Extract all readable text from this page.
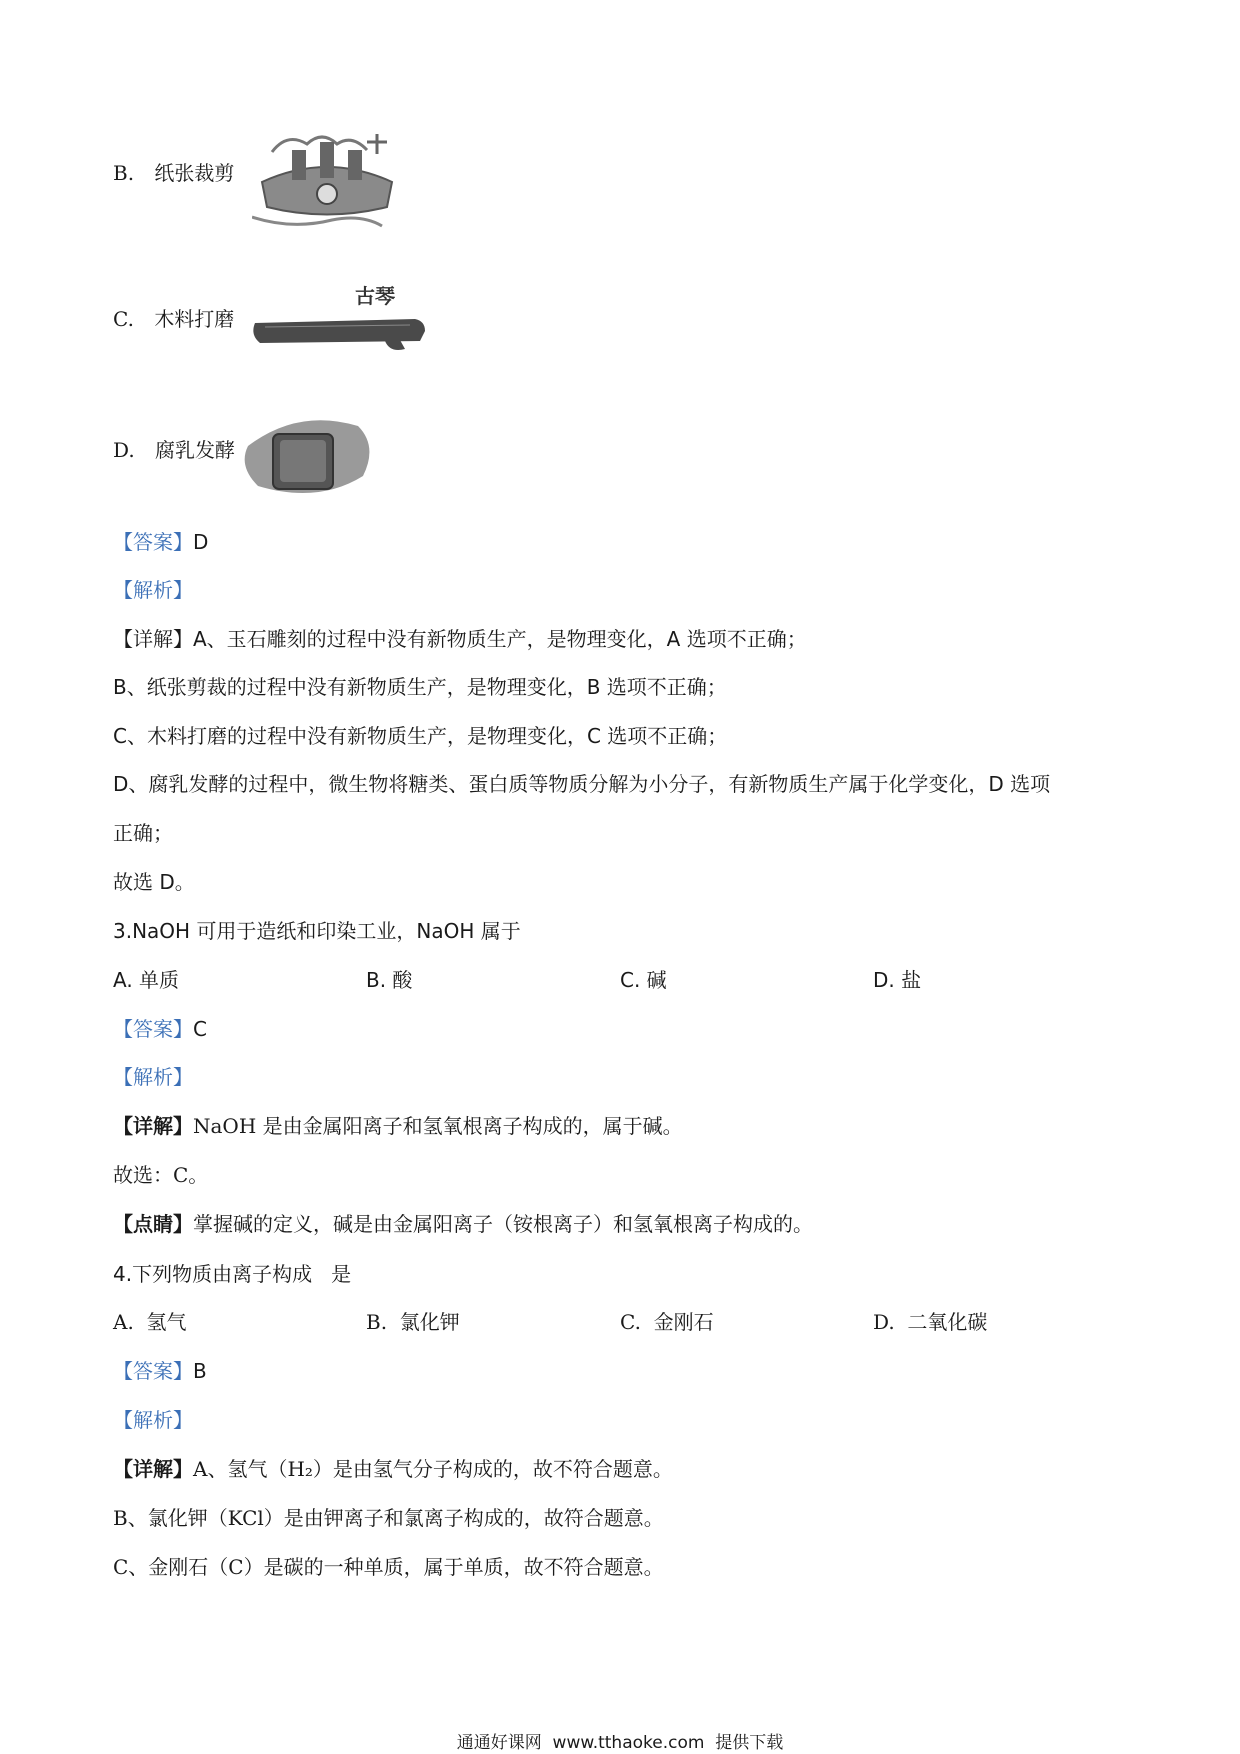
B. 纸张裁剪
C. 木料打磨
古琴
D. 腐乳发酵
【答案】D
【解析】
【详解】A、玉石雕刻的过程中没有新物质生产，是物理变化，A 选项不正确；
B、纸张剪裁的过程中没有新物质生产，是物理变化，B 选项不正确；
C、木料打磨的过程中没有新物质生产，是物理变化，C 选项不正确；
D、腐乳发酵的过程中，微生物将糖类、蛋白质等物质分解为小分子，有新物质生产属于化学变化，D 选项
正确；
故选 D。
3.NaOH 可用于造纸和印染工业，NaOH 属于
A. 单质	B. 酸	C. 碱	D. 盐
【答案】C
【解析】
【详解】NaOH 是由金属阳离子和氢氧根离子构成的，属于碱。
故选：C。
【点睛】掌握碱的定义，碱是由金属阳离子（铵根离子）和氢氧根离子构成的。
4.下列物质由离子构成   是
A.  氢气	B.  氯化钾	C.  金刚石	D.  二氧化碳
【答案】B
【解析】
【详解】A、氢气（H₂）是由氢气分子构成的，故不符合题意。
B、氯化钾（KCl）是由钾离子和氯离子构成的，故符合题意。
C、金刚石（C）是碳的一种单质，属于单质，故不符合题意。
通通好课网  www.tthaoke.com  提供下载
